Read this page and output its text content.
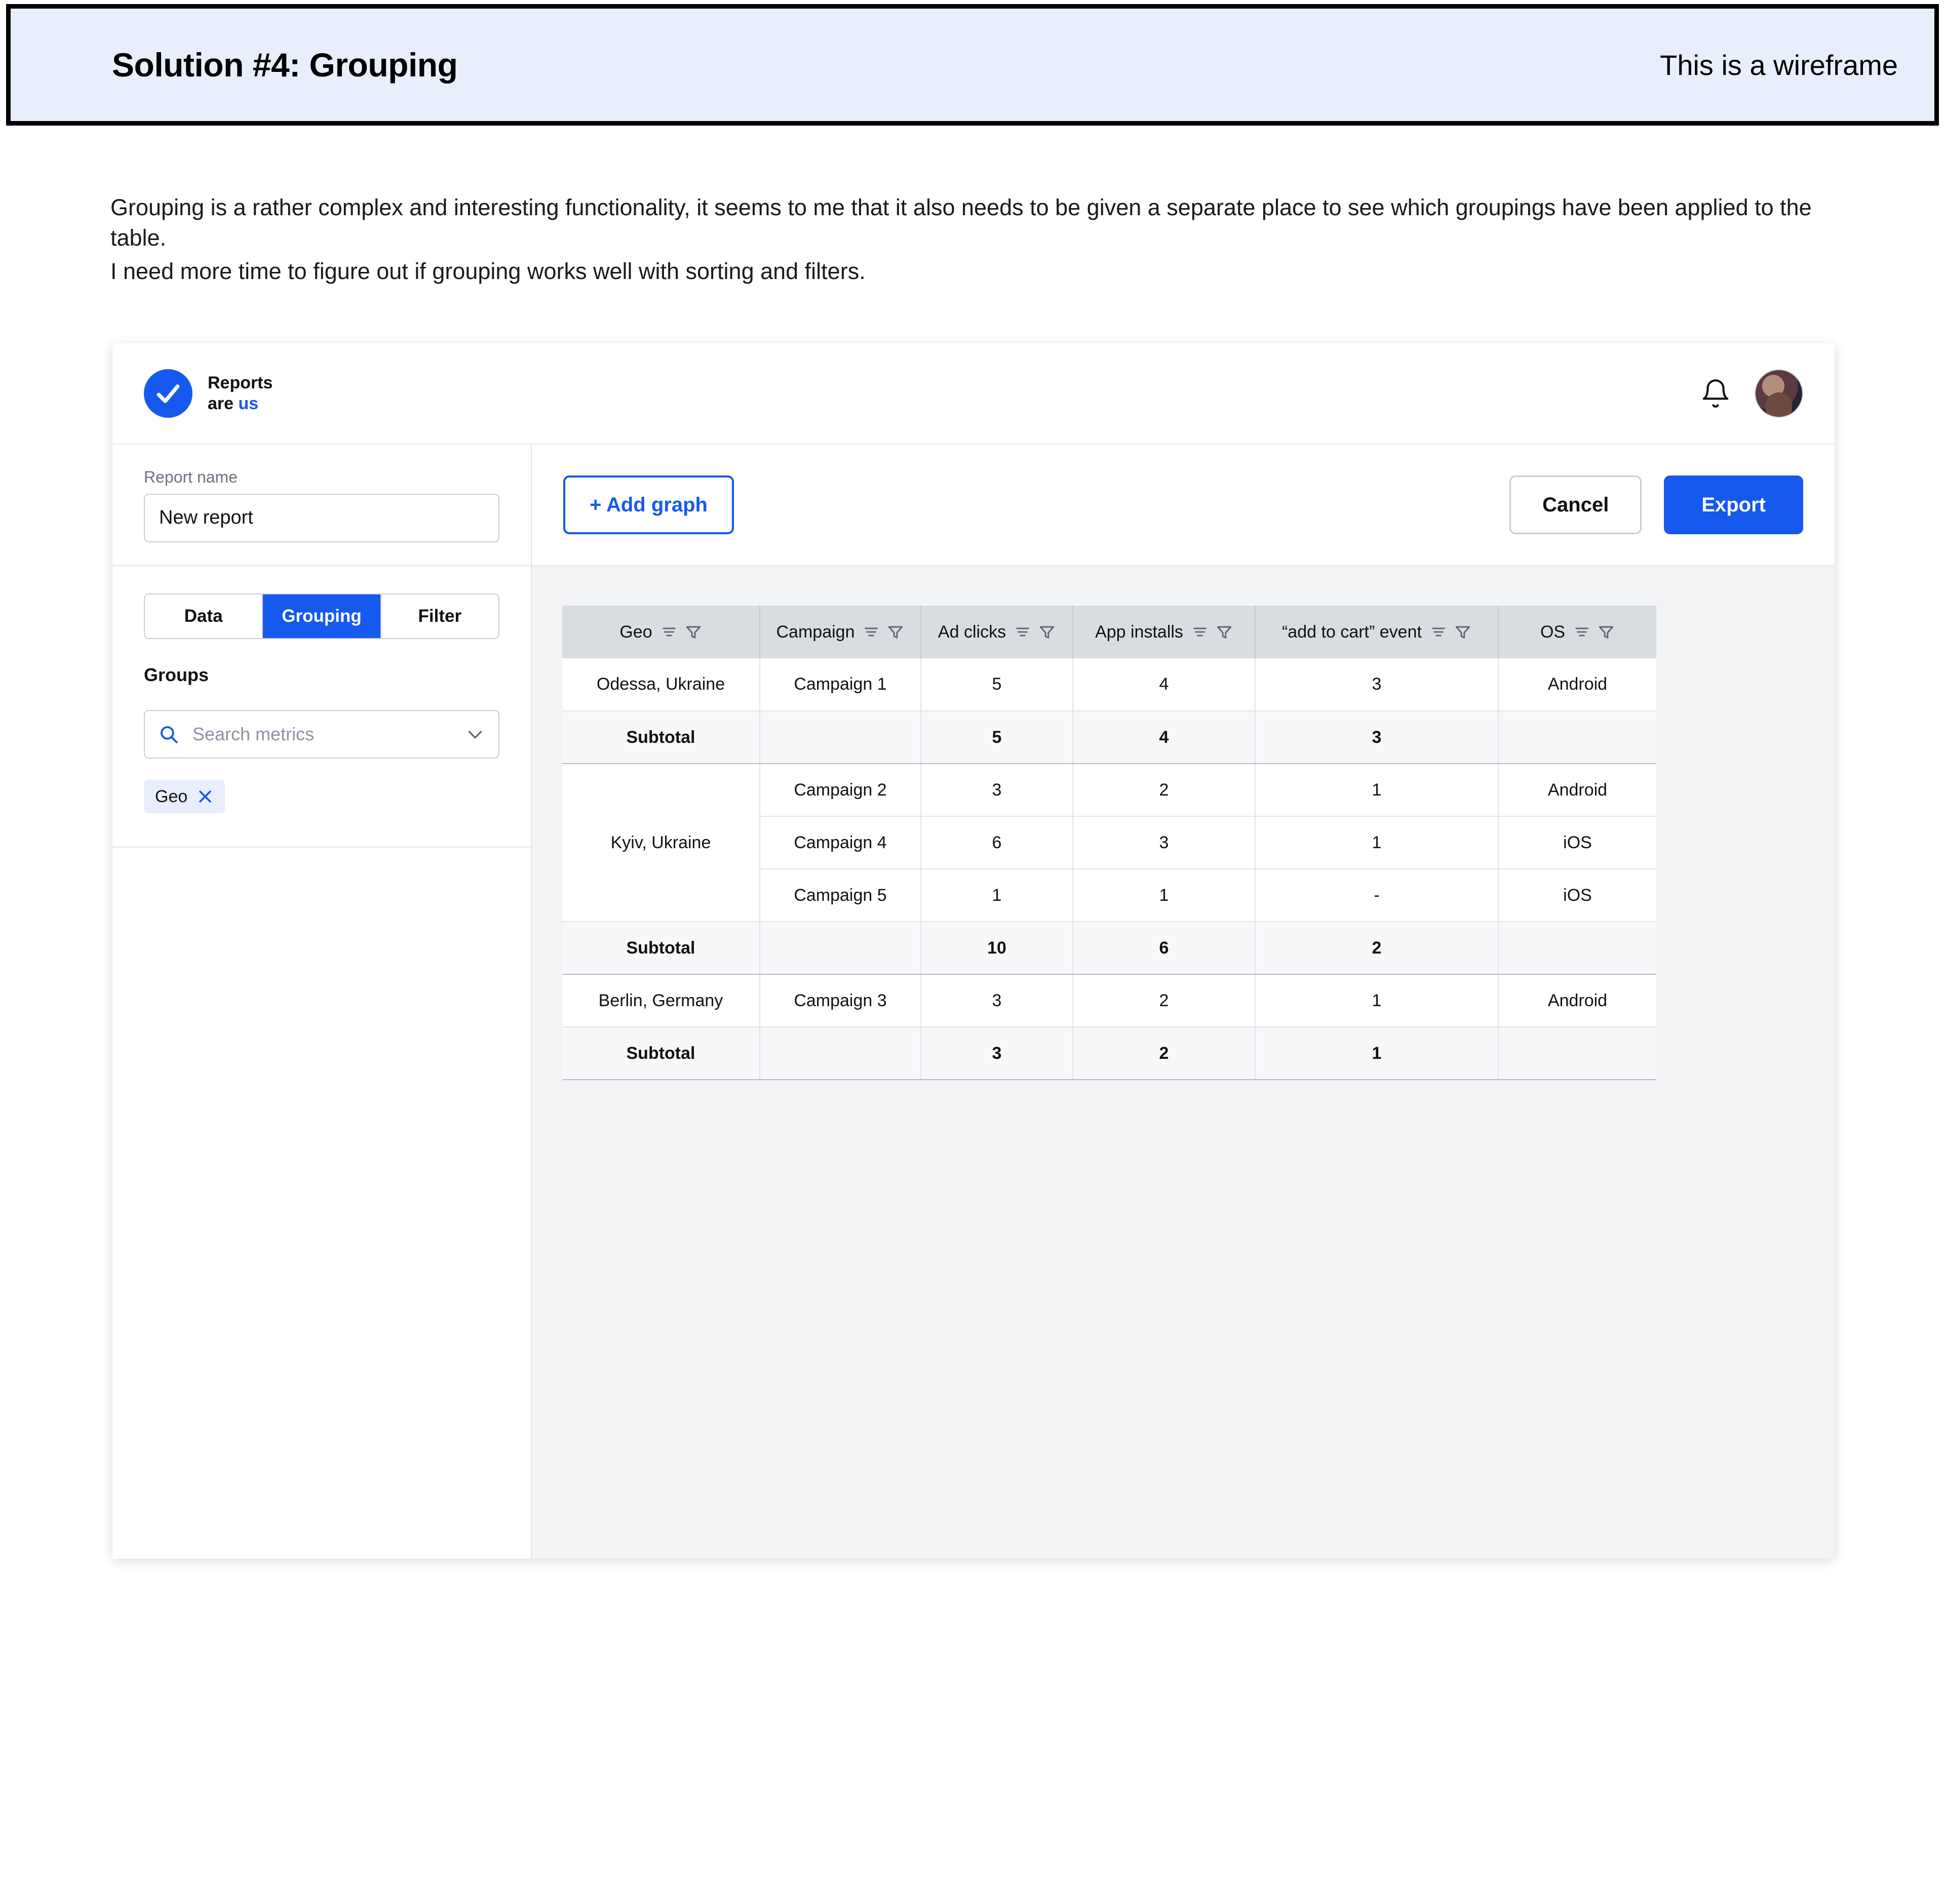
Solution #4: Grouping	This is a wireframe

Grouping is a rather complex and interesting functionality, it seems to me that it also needs to be given a separate place to see which groupings have been applied to the table.

I need more time to figure out if grouping works well with sorting and filters.

Reports
are us
Report name
New report
+ Add graph	Cancel	Export
Data	Grouping	Filter
Groups
Search metrics
Geo
Geo	Campaign	Ad clicks	App installs	“add to cart” event	OS

Odessa, Ukraine	Campaign 1	5	4	3	Android
Subtotal		5	4	3	
Kyiv, Ukraine	Campaign 2	3	2	1	Android
	Campaign 4	6	3	1	iOS
	Campaign 5	1	1	-	iOS
Subtotal		10	6	2	
Berlin, Germany	Campaign 3	3	2	1	Android
Subtotal		3	2	1	
